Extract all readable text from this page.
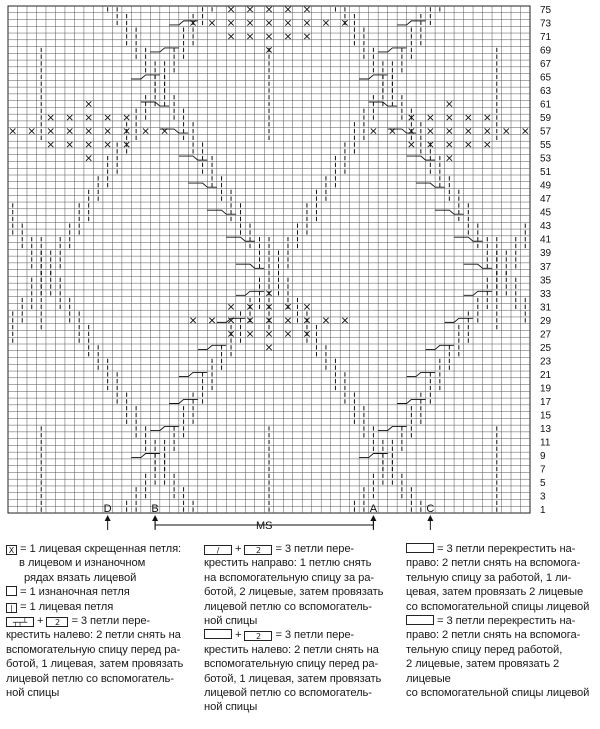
1
3
5
7
9
11
13
15
17
19
21
23
25
27
29
31
33
35
37
39
41
43
45
47
49
51
53
55
57
59
61
63
65
67
69
71
73
75
D	B	A	C
MS

X = 1 лицевая скрещенная петля:

в лицевом и изнаночном

рядах вязать лицевой

= 1 изнаночная петля

| = 1 лицевая петля

┬┬┴ + 2 = 3 петли пере-

крестить налево: 2 петли снять на

вспомогательную спицу перед ра-

ботой, 1 лицевая, затем провязать

лицевой петлю со вспомогатель-

ной спицы

/ + 2 = 3 петли пере-

крестить направо: 1 петлю снять

на вспомогательную спицу за ра-

ботой, 2 лицевые, затем провязать

лицевой петлю со вспомогатель-

ной спицы

+ 2 = 3 петли пере-

крестить налево: 2 петли снять на

вспомогательную спицу перед ра-

ботой, 1 лицевая, затем провязать

лицевой петлю со вспомогатель-

ной спицы

= 3 петли перекрестить на-

право: 2 петли снять на вспомога-

тельную спицу за работой, 1 ли-

цевая, затем провязать 2 лицевые

со вспомогательной спицы лицевой

= 3 петли перекрестить на-

право: 2 петли снять на вспомога-

тельную спицу перед работой,

2 лицевые, затем провязать 2 лицевые

со вспомогательной спицы лицевой
